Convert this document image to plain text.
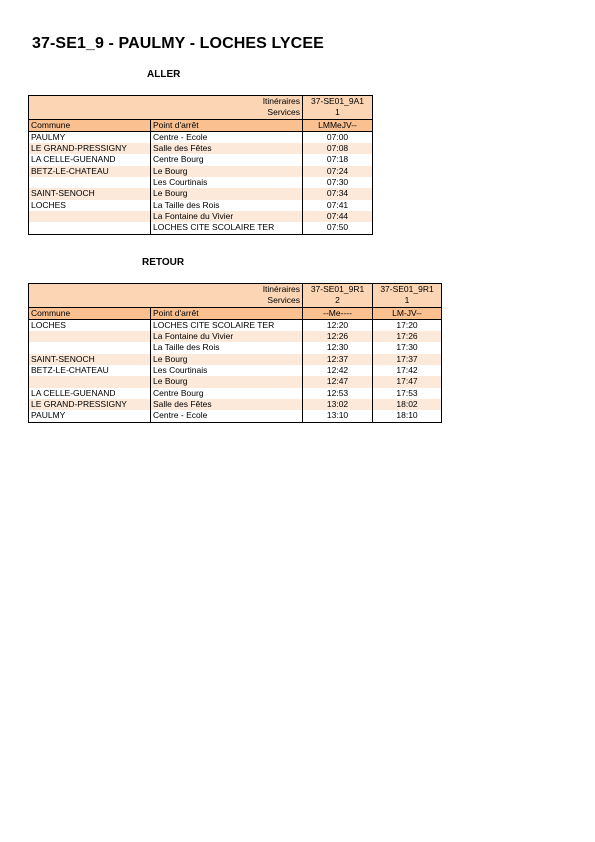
37-SE1_9 - PAULMY - LOCHES LYCEE
ALLER
Itinéraires		37-SE01_9A1
Services		1
Commune	Point d'arrêt	LMMeJV--
PAULMY	Centre - Ecole	07:00
LE GRAND-PRESSIGNY	Salle des Fêtes	07:08
LA CELLE-GUENAND	Centre Bourg	07:18
BETZ-LE-CHATEAU	Le Bourg	07:24
	Les Courtinais	07:30
SAINT-SENOCH	Le Bourg	07:34
LOCHES	La Taille des Rois	07:41
	La Fontaine du Vivier	07:44
	LOCHES CITE SCOLAIRE TER	07:50
RETOUR
Itinéraires		37-SE01_9R1	37-SE01_9R1
Services		2	1
Commune	Point d'arrêt	--Me----	LM-JV--
LOCHES	LOCHES CITE SCOLAIRE TER	12:20	17:20
	La Fontaine du Vivier	12:26	17:26
	La Taille des Rois	12:30	17:30
SAINT-SENOCH	Le Bourg	12:37	17:37
BETZ-LE-CHATEAU	Les Courtinais	12:42	17:42
	Le Bourg	12:47	17:47
LA CELLE-GUENAND	Centre Bourg	12:53	17:53
LE GRAND-PRESSIGNY	Salle des Fêtes	13:02	18:02
PAULMY	Centre - Ecole	13:10	18:10
